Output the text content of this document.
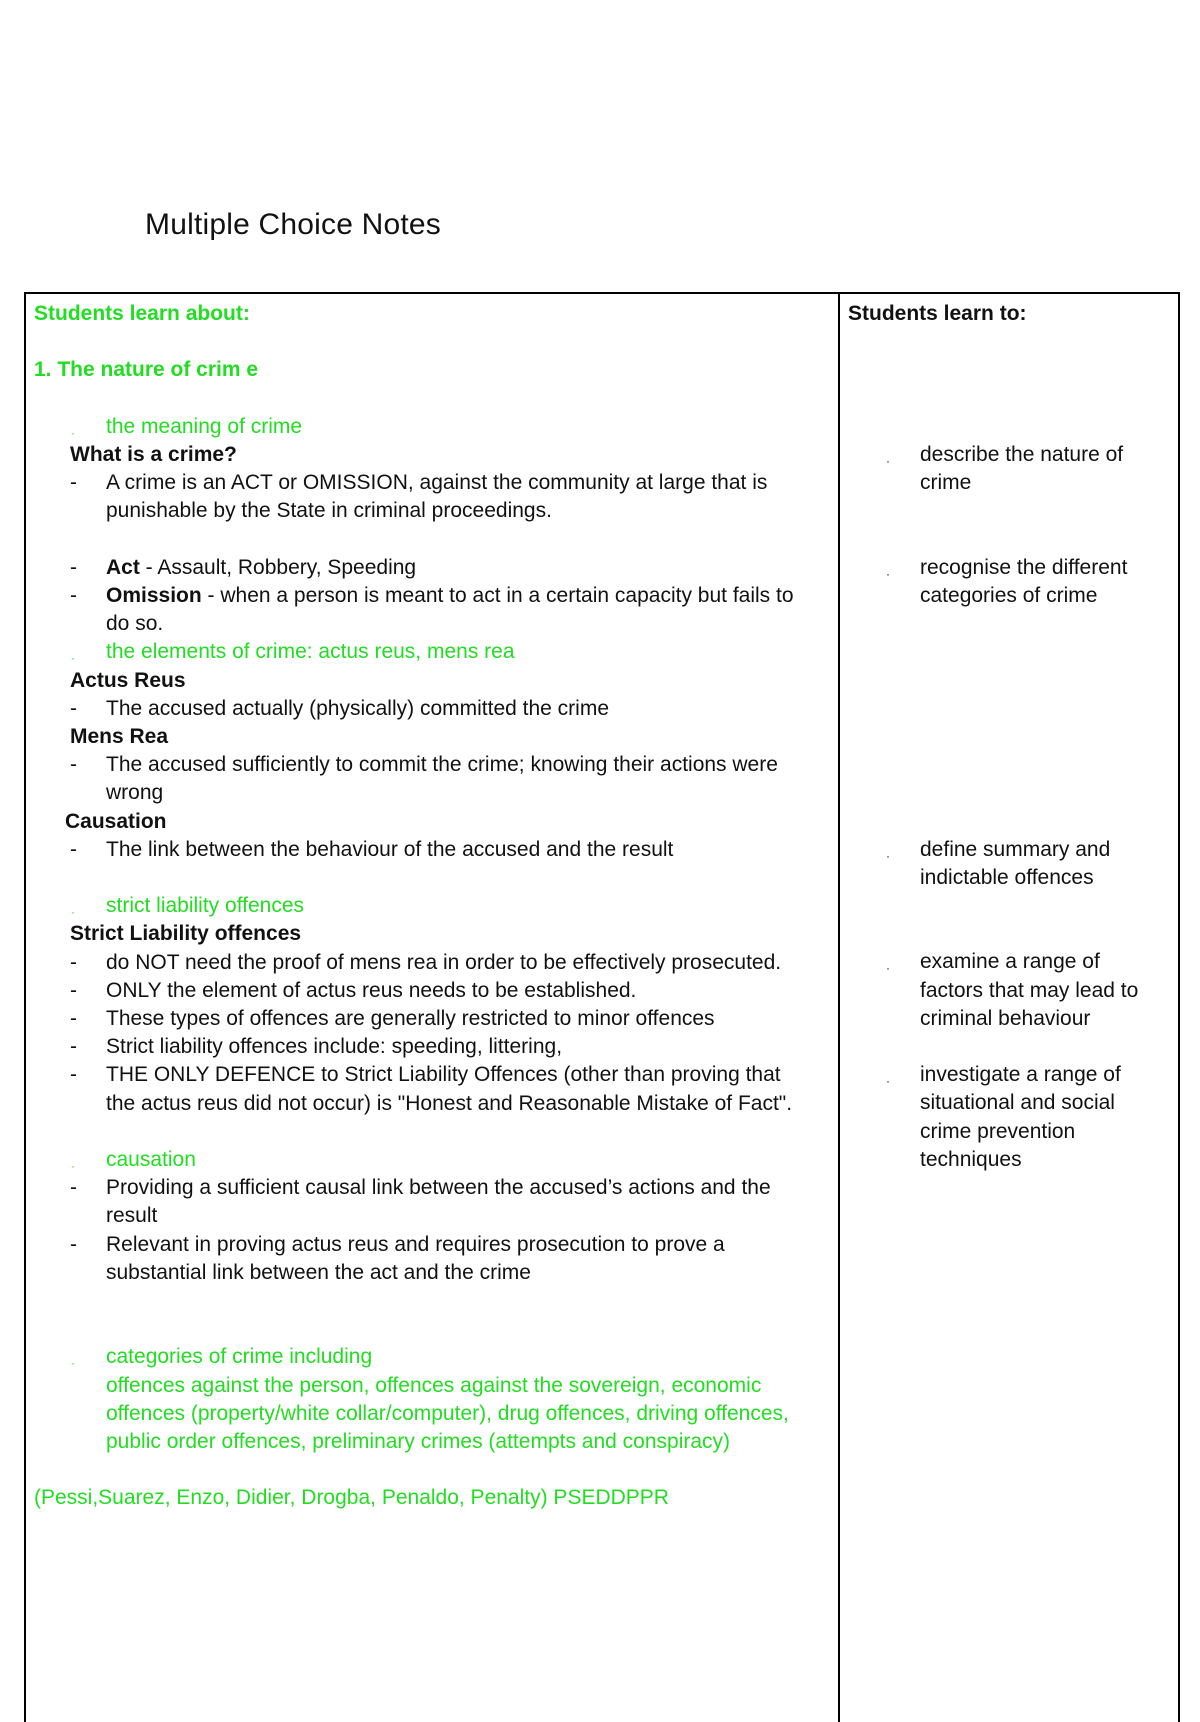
Multiple Choice Notes
Students learn about:
1. The nature of crim e
· the meaning of crime
What is a crime?
- A crime is an ACT or OMISSION, against the community at large that is
punishable by the State in criminal proceedings.
- Act - Assault, Robbery, Speeding
- Omission - when a person is meant to act in a certain capacity but fails to
do so.
· the elements of crime: actus reus, mens rea
Actus Reus
- The accused actually (physically) committed the crime
Mens Rea
- The accused sufficiently to commit the crime; knowing their actions were
wrong
Causation
- The link between the behaviour of the accused and the result
· strict liability offences
Strict Liability offences
- do NOT need the proof of mens rea in order to be effectively prosecuted.
- ONLY the element of actus reus needs to be established.
- These types of offences are generally restricted to minor offences
- Strict liability offences include: speeding, littering,
- THE ONLY DEFENCE to Strict Liability Offences (other than proving that
the actus reus did not occur) is "Honest and Reasonable Mistake of Fact".
· causation
- Providing a sufficient causal link between the accused’s actions and the
result
- Relevant in proving actus reus and requires prosecution to prove a
substantial link between the act and the crime
· categories of crime including
offences against the person, offences against the sovereign, economic
offences (property/white collar/computer), drug offences, driving offences,
public order offences, preliminary crimes (attempts and conspiracy)
(Pessi,Suarez, Enzo, Didier, Drogba, Penaldo, Penalty) PSEDDPPR
Students learn to:
· describe the nature of
crime
· recognise the different
categories of crime
· define summary and
indictable offences
· examine a range of
factors that may lead to
criminal behaviour
· investigate a range of
situational and social
crime prevention
techniques
